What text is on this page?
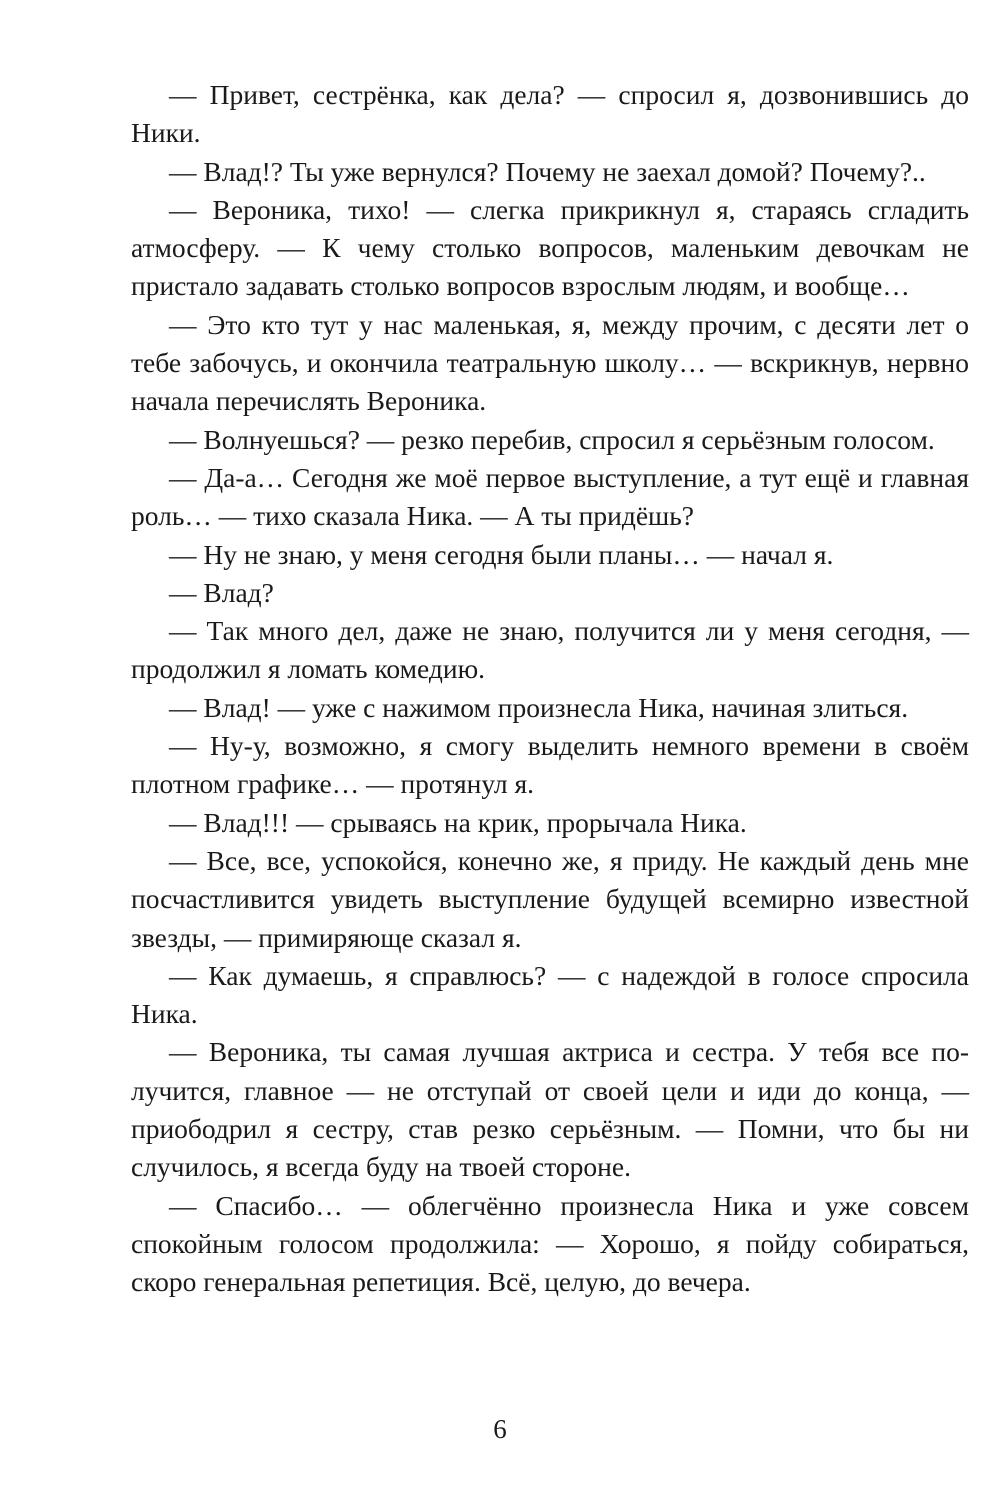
— Привет, сестрёнка, как дела? — спросил я, дозвонившись до Ники.

— Влад!? Ты уже вернулся? Почему не заехал домой? Почему?..

— Вероника, тихо! — слегка прикрикнул я, стараясь сгладить атмосферу. — К чему столько вопросов, маленьким девочкам не пристало задавать столько вопросов взрослым людям, и вообще…

— Это кто тут у нас маленькая, я, между прочим, с десяти лет о тебе забочусь, и окончила театральную школу… — вскрикнув, нервно начала перечислять Вероника.

— Волнуешься? — резко перебив, спросил я серьёзным голосом.

— Да-а… Сегодня же моё первое выступление, а тут ещё и главная роль… — тихо сказала Ника. — А ты придёшь?

— Ну не знаю, у меня сегодня были планы… — начал я.

— Влад?

— Так много дел, даже не знаю, получится ли у меня сегодня, — продолжил я ломать комедию.

— Влад! — уже с нажимом произнесла Ника, начиная злиться.

— Ну-у, возможно, я смогу выделить немного времени в своём плотном графике… — протянул я.

— Влад!!! — срываясь на крик, прорычала Ника.

— Все, все, успокойся, конечно же, я приду. Не каждый день мне посчастливится увидеть выступление будущей всемирно известной звезды, — примиряюще сказал я.

— Как думаешь, я справлюсь? — с надеждой в голосе спросила Ника.

— Вероника, ты самая лучшая актриса и сестра. У тебя все получится, главное — не отступай от своей цели и иди до конца, — приободрил я сестру, став резко серьёзным. — Помни, что бы ни случилось, я всегда буду на твоей стороне.

— Спасибо… — облегчённо произнесла Ника и уже совсем спокойным голосом продолжила: — Хорошо, я пойду собираться, скоро генеральная репетиция. Всё, целую, до вечера.

6
